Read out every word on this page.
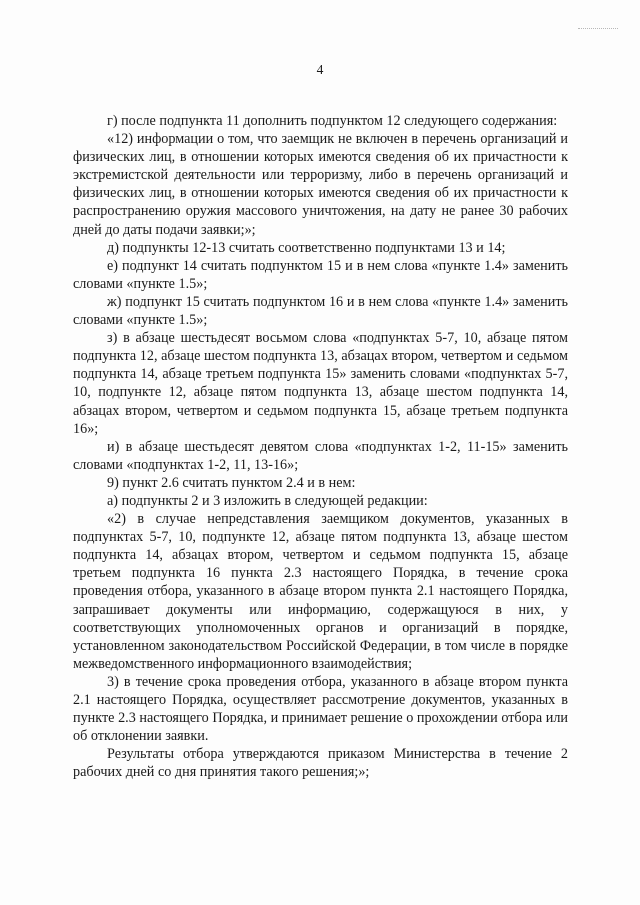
4

г) после подпункта 11 дополнить подпунктом 12 следующего содержания:

«12) информации о том, что заемщик не включен в перечень организаций и физических лиц, в отношении которых имеются сведения об их причастности к экстремистской деятельности или терроризму, либо в перечень организаций и физических лиц, в отношении которых имеются сведения об их причастности к распространению оружия массового уничтожения, на дату не ранее 30 рабочих дней до даты подачи заявки;»;

д) подпункты 12-13 считать соответственно подпунктами 13 и 14;

е) подпункт 14 считать подпунктом 15 и в нем слова «пункте 1.4» заменить словами «пункте 1.5»;

ж) подпункт 15 считать подпунктом 16 и в нем слова «пункте 1.4» заменить словами «пункте 1.5»;

з) в абзаце шестьдесят восьмом слова «подпунктах 5-7, 10, абзаце пятом подпункта 12, абзаце шестом подпункта 13, абзацах втором, четвертом и седьмом подпункта 14, абзаце третьем подпункта 15» заменить словами «подпунктах 5-7, 10, подпункте 12, абзаце пятом подпункта 13, абзаце шестом подпункта 14, абзацах втором, четвертом и седьмом подпункта 15, абзаце третьем подпункта 16»;

и) в абзаце шестьдесят девятом слова «подпунктах 1-2, 11-15» заменить словами «подпунктах 1-2, 11, 13-16»;

9) пункт 2.6 считать пунктом 2.4 и в нем:

а) подпункты 2 и 3 изложить в следующей редакции:

«2) в случае непредставления заемщиком документов, указанных в подпунктах 5-7, 10, подпункте 12, абзаце пятом подпункта 13, абзаце шестом подпункта 14, абзацах втором, четвертом и седьмом подпункта 15, абзаце третьем подпункта 16 пункта 2.3 настоящего Порядка, в течение срока проведения отбора, указанного в абзаце втором пункта 2.1 настоящего Порядка, запрашивает документы или информацию, содержащуюся в них, у соответствующих уполномоченных органов и организаций в порядке, установленном законодательством Российской Федерации, в том числе в порядке межведомственного информационного взаимодействия;

3) в течение срока проведения отбора, указанного в абзаце втором пункта 2.1 настоящего Порядка, осуществляет рассмотрение документов, указанных в пункте 2.3 настоящего Порядка, и принимает решение о прохождении отбора или об отклонении заявки.

Результаты отбора утверждаются приказом Министерства в течение 2 рабочих дней со дня принятия такого решения;»;
